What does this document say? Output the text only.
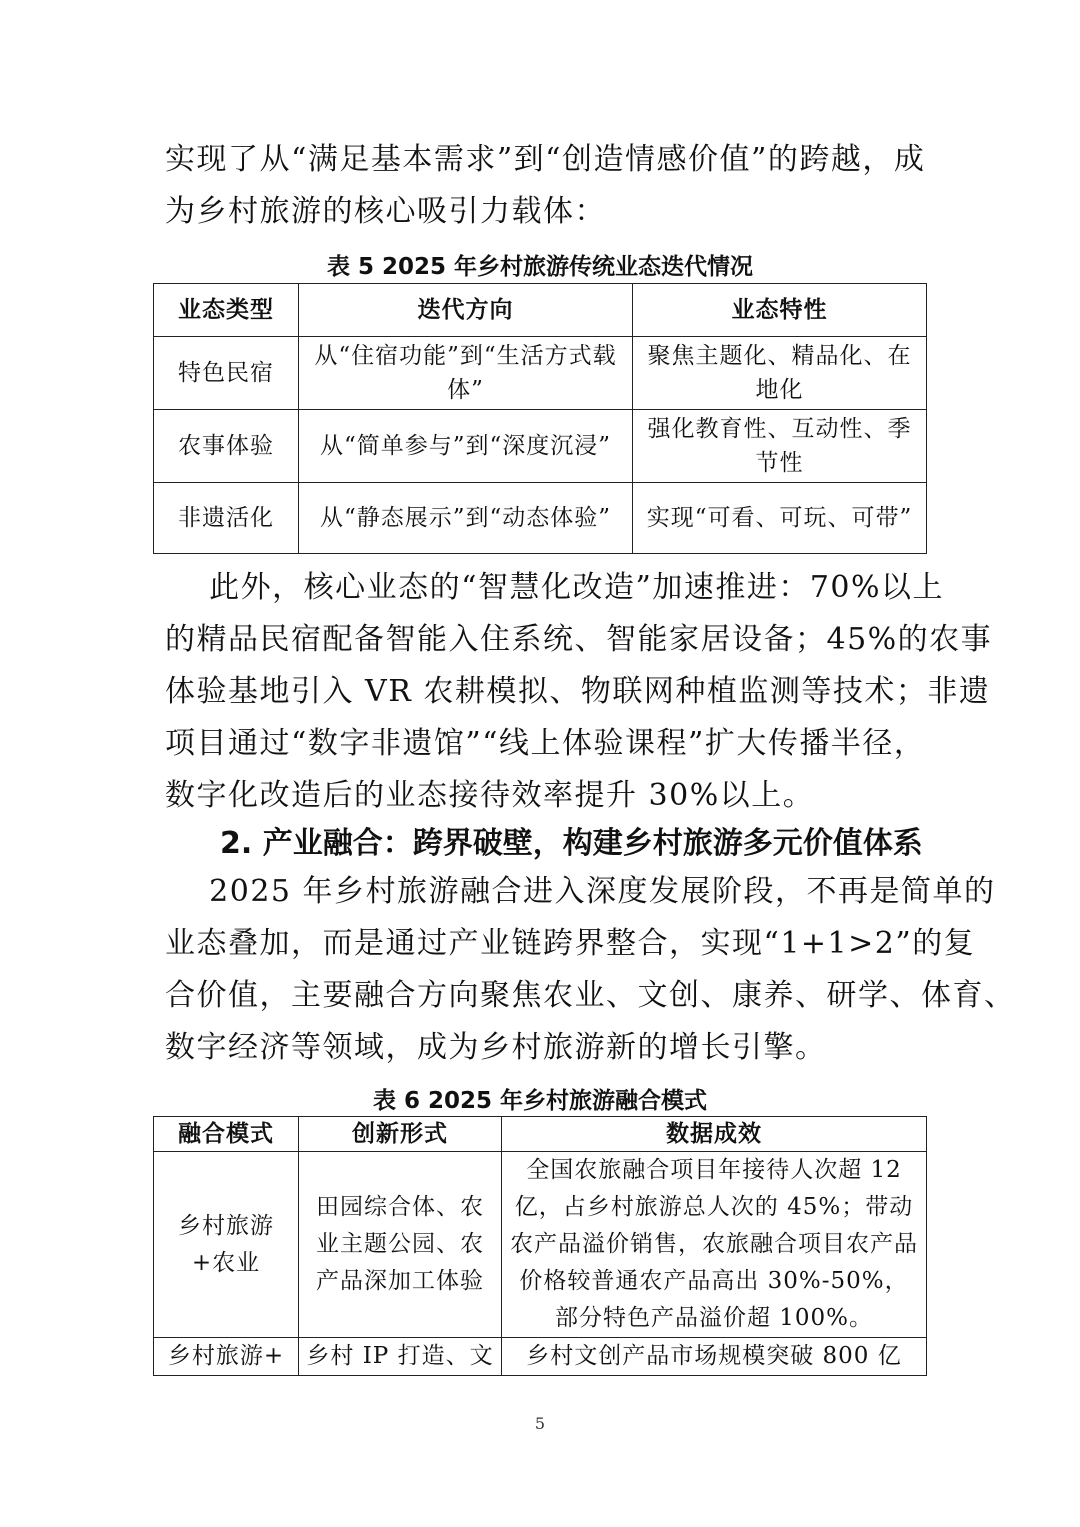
实现了从“满足基本需求”到“创造情感价值”的跨越，成
为乡村旅游的核心吸引力载体：

表 5 2025 年乡村旅游传统业态迭代情况

业态类型	迭代方向	业态特性
特色民宿	从“住宿功能”到“生活方式载体”	聚焦主题化、精品化、在地化
农事体验	从“简单参与”到“深度沉浸”	强化教育性、互动性、季节性
非遗活化	从“静态展示”到“动态体验”	实现“可看、可玩、可带”

此外，核心业态的“智慧化改造”加速推进：70%以上
的精品民宿配备智能入住系统、智能家居设备；45%的农事
体验基地引入 VR 农耕模拟、物联网种植监测等技术；非遗
项目通过“数字非遗馆”“线上体验课程”扩大传播半径，
数字化改造后的业态接待效率提升 30%以上。

2. 产业融合：跨界破壁，构建乡村旅游多元价值体系

2025 年乡村旅游融合进入深度发展阶段，不再是简单的
业态叠加，而是通过产业链跨界整合，实现“1+1>2”的复
合价值，主要融合方向聚焦农业、文创、康养、研学、体育、
数字经济等领域，成为乡村旅游新的增长引擎。

表 6 2025 年乡村旅游融合模式

融合模式	创新形式	数据成效
乡村旅游+农业	田园综合体、农业主题公园、农产品深加工体验	全国农旅融合项目年接待人次超 12 亿，占乡村旅游总人次的 45%；带动农产品溢价销售，农旅融合项目农产品价格较普通农产品高出 30%-50%，部分特色产品溢价超 100%。
乡村旅游+	乡村 IP 打造、文	乡村文创产品市场规模突破 800 亿

5
